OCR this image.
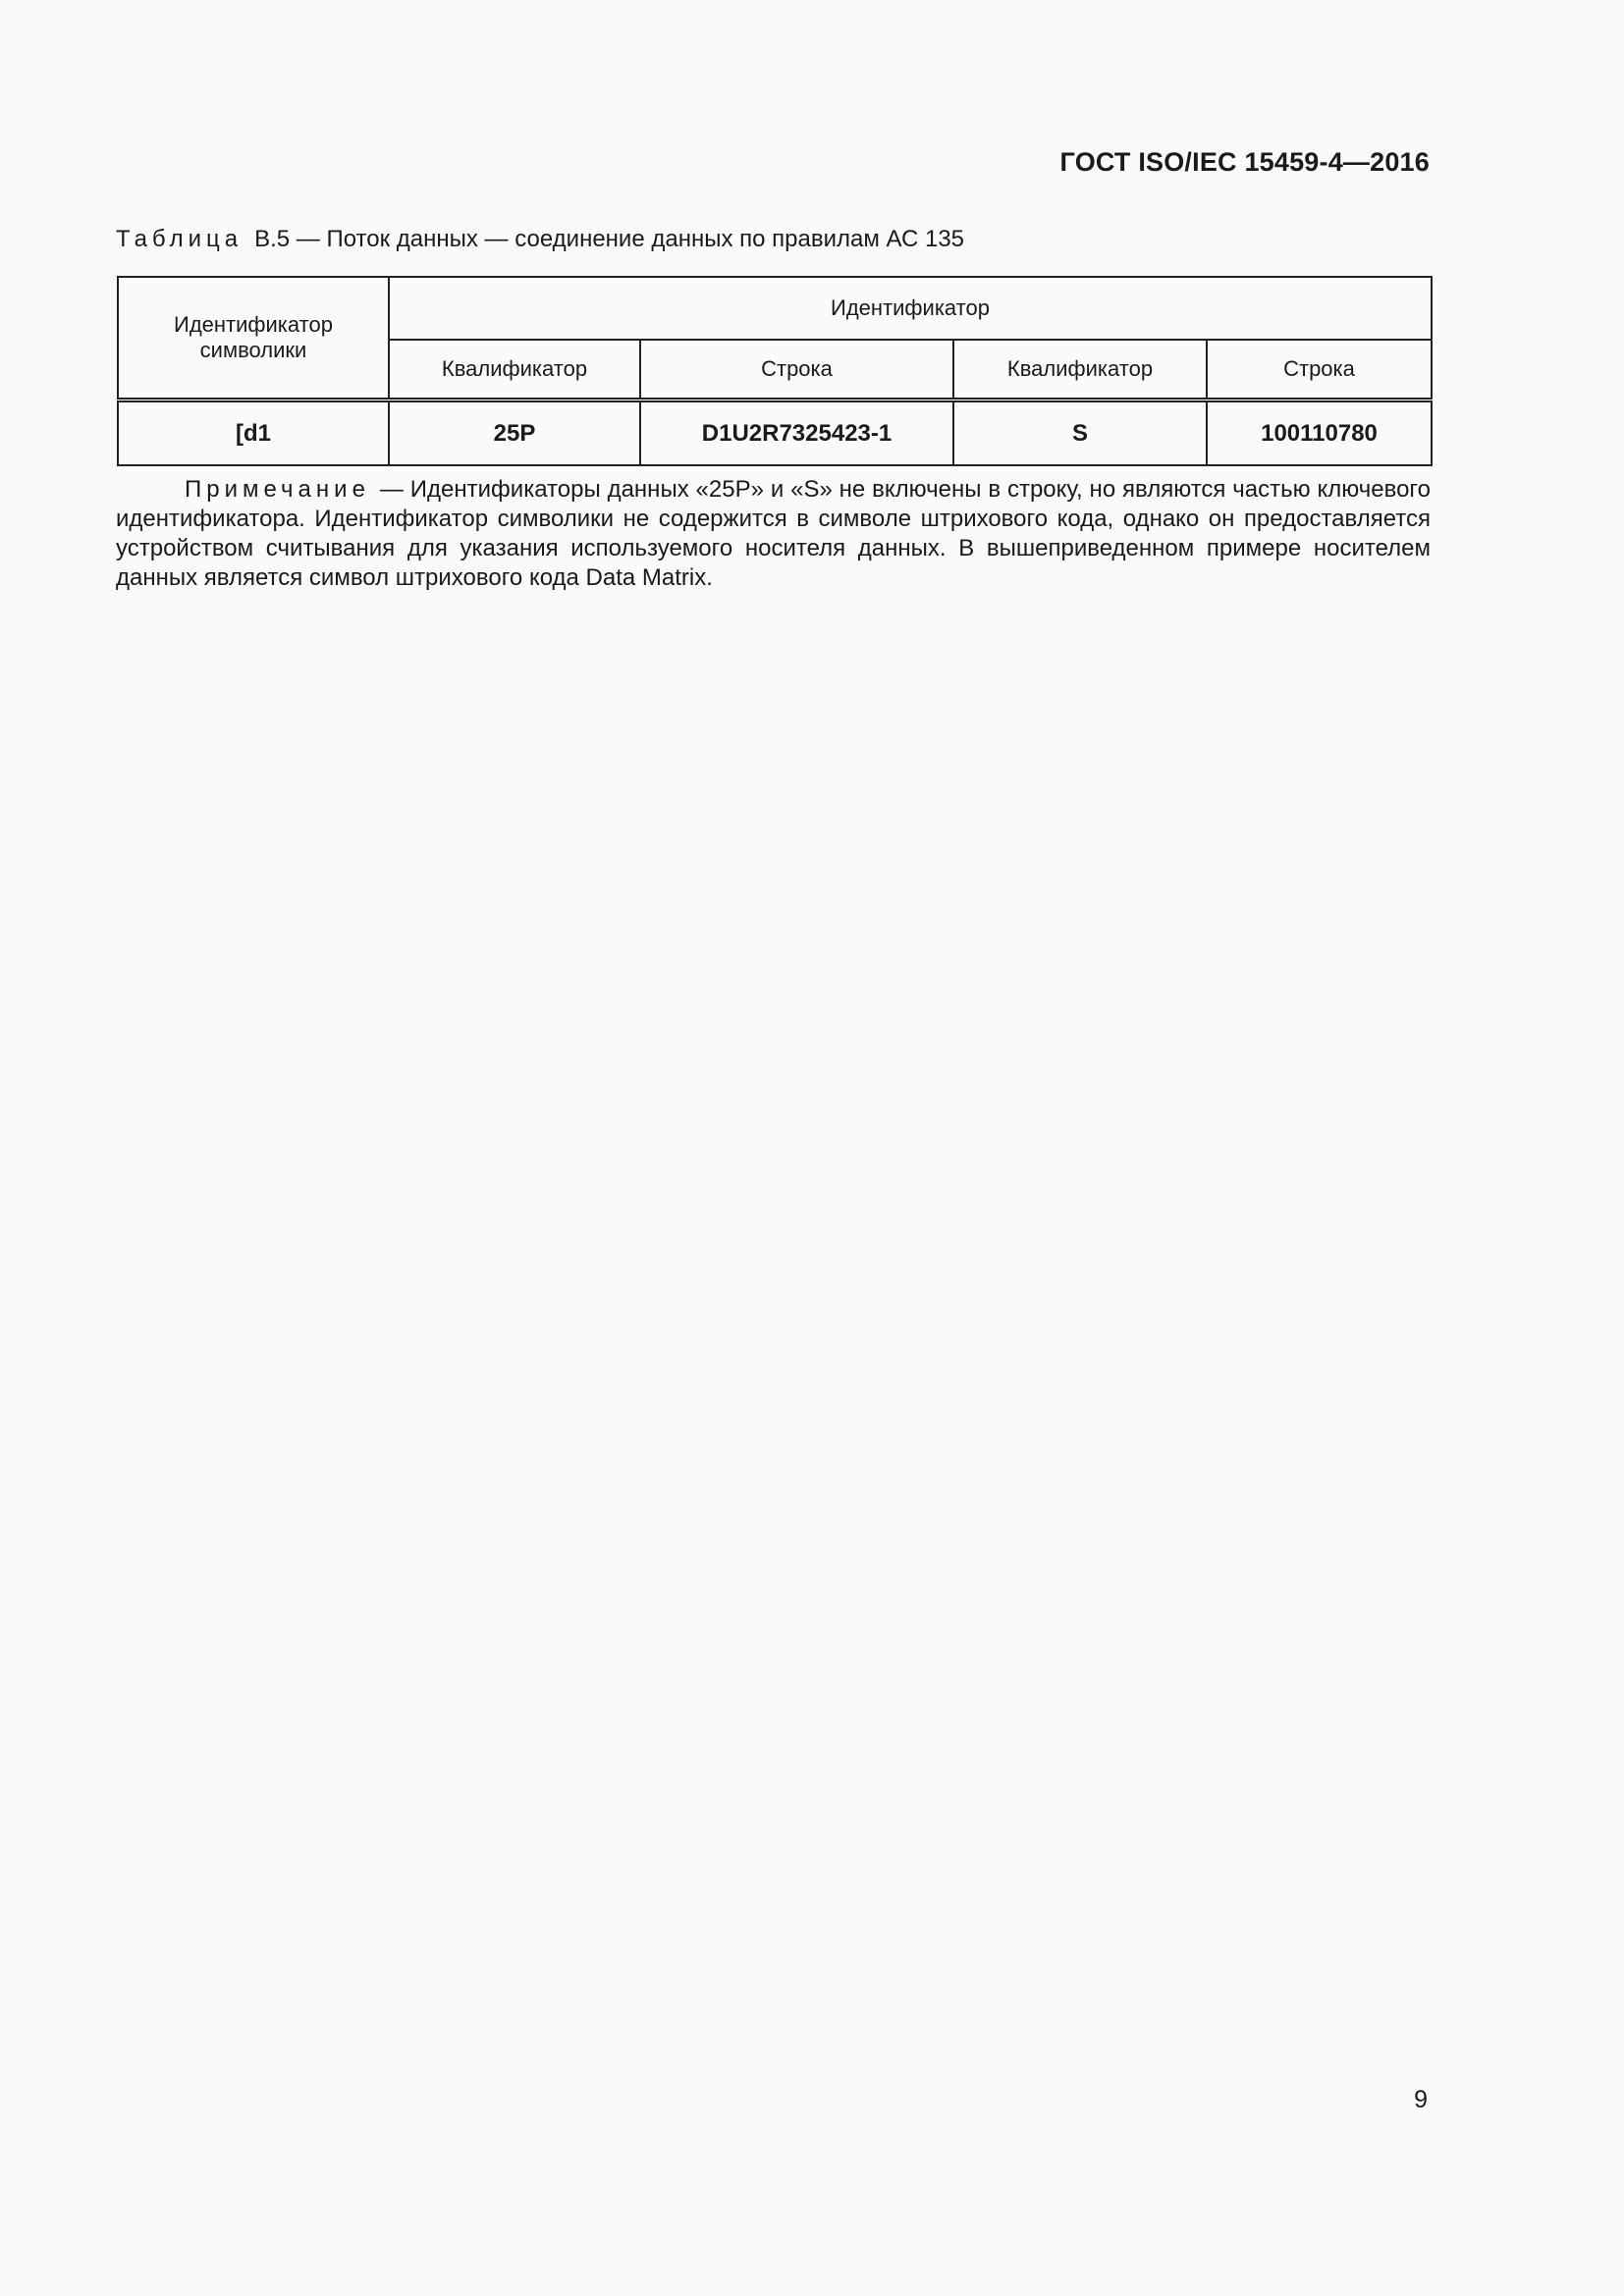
ГОСТ ISO/IEC 15459-4—2016
Таблица В.5 — Поток данных — соединение данных по правилам АС 135
Идентификатор символики	Идентификатор			
	Квалификатор	Строка	Квалификатор	Строка
[d1	25P	D1U2R7325423-1	S	100110780

Примечание — Идентификаторы данных «25P» и «S» не включены в строку, но являются частью ключевого идентификатора. Идентификатор символики не содержится в символе штрихового кода, однако он предоставляется устройством считывания для указания используемого носителя данных. В вышеприведенном примере носителем данных является символ штрихового кода Data Matrix.

9
